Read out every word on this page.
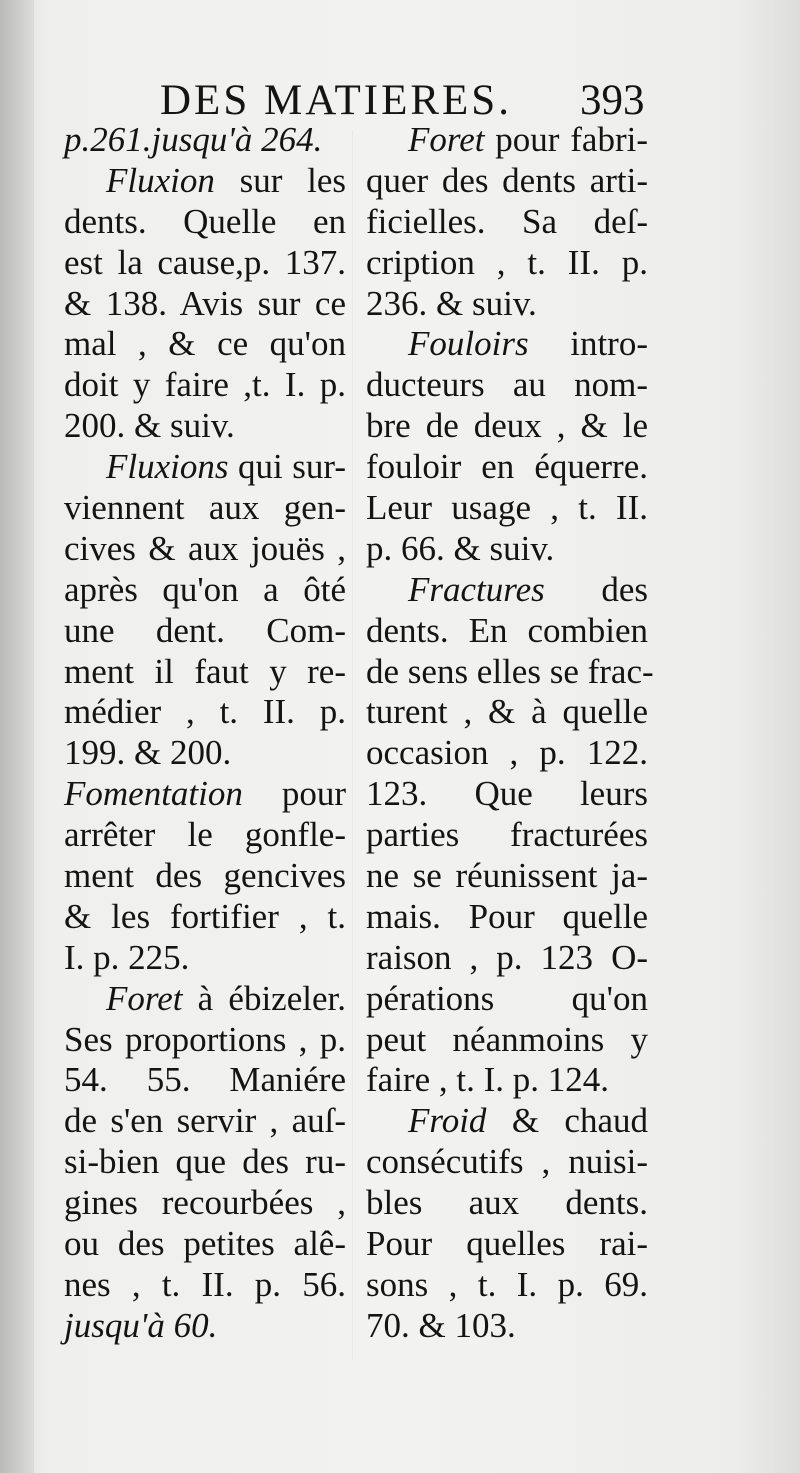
DES MATIERES. 393
p.261.jusqu'à 264.
Fluxion sur les
dents. Quelle en
est la cause,p. 137.
& 138. Avis sur ce
mal , & ce qu'on
doit y faire ,t. I. p.
200. & suiv.
Fluxions qui sur-
viennent aux gen-
cives & aux jouës ,
après qu'on a ôté
une dent. Com-
ment il faut y re-
médier , t. II. p.
199. & 200.
Fomentation pour
arrêter le gonfle-
ment des gencives
& les fortifier , t.
I. p. 225.
Foret à ébizeler.
Ses proportions , p.
54. 55. Maniére
de s'en servir , auſ-
si-bien que des ru-
gines recourbées ,
ou des petites alê-
nes , t. II. p. 56.
jusqu'à 60.
Foret pour fabri-
quer des dents arti-
ficielles. Sa deſ-
cription , t. II. p.
236. & suiv.
Fouloirs intro-
ducteurs au nom-
bre de deux , & le
fouloir en équerre.
Leur usage , t. II.
p. 66. & suiv.
Fractures des
dents. En combien
de sens elles se frac-
turent , & à quelle
occasion , p. 122.
123. Que leurs
parties fracturées
ne se réunissent ja-
mais. Pour quelle
raison , p. 123 O-
pérations qu'on
peut néanmoins y
faire , t. I. p. 124.
Froid & chaud
consécutifs , nuisi-
bles aux dents.
Pour quelles rai-
sons , t. I. p. 69.
70. & 103.
